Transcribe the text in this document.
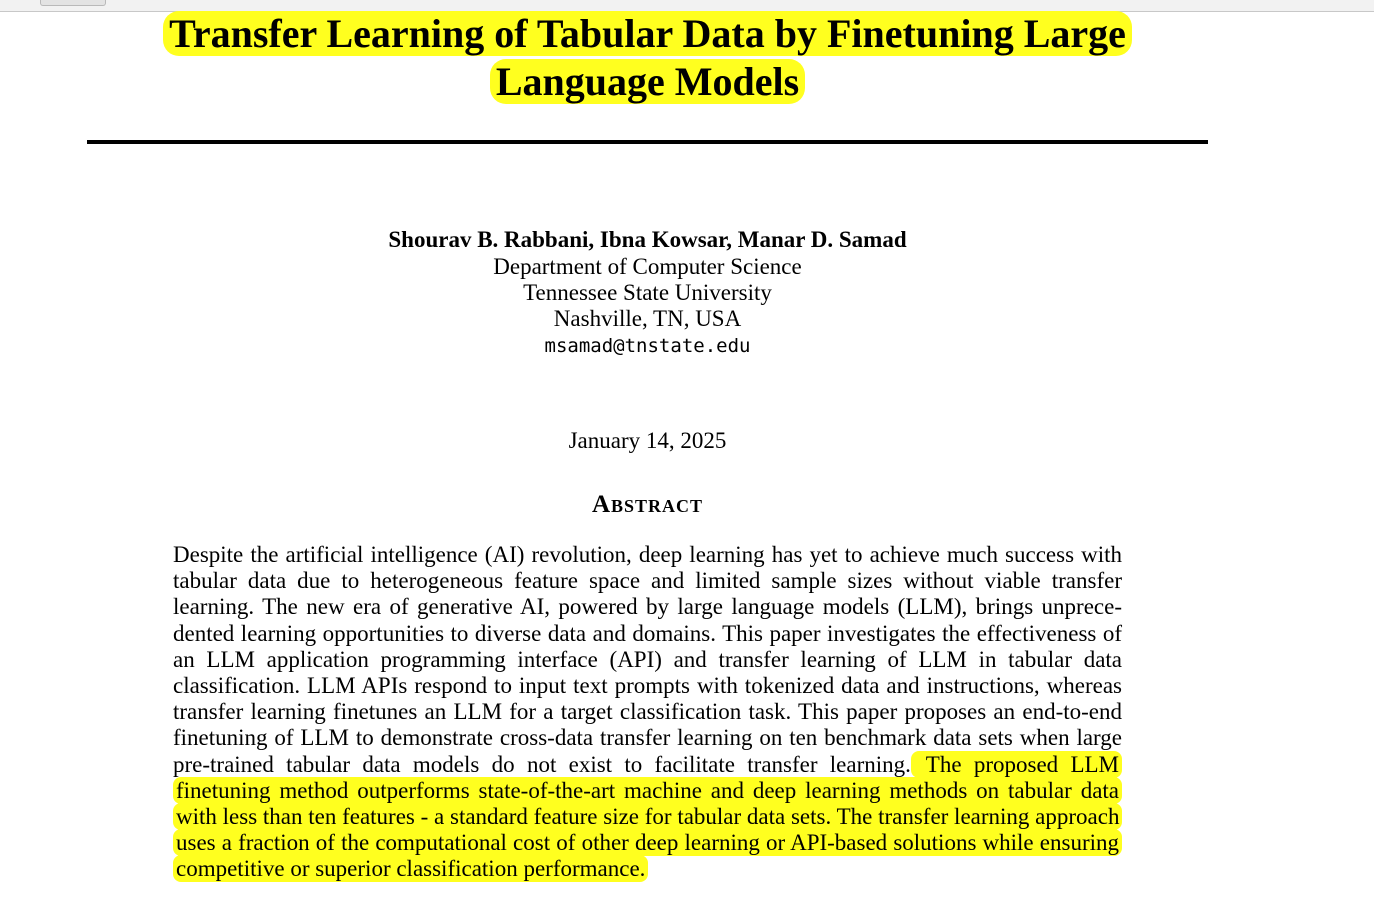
Transfer Learning of Tabular Data by Finetuning Large
Language Models
Shourav B. Rabbani, Ibna Kowsar, Manar D. Samad
Department of Computer Science
Tennessee State University
Nashville, TN, USA
msamad@tnstate.edu
January 14, 2025
Abstract

Despite the artificial intelligence (AI) revolution, deep learning has yet to achieve much success with tabular data due to heterogeneous feature space and limited sample sizes without viable transfer learning. The new era of generative AI, powered by large language models (LLM), brings unprece-dented learning opportunities to diverse data and domains. This paper investigates the effectiveness of an LLM application programming interface (API) and transfer learning of LLM in tabular data classification. LLM APIs respond to input text prompts with tokenized data and instructions, whereas transfer learning finetunes an LLM for a target classification task. This paper proposes an end-to-end finetuning of LLM to demonstrate cross-data transfer learning on ten benchmark data sets when large pre-trained tabular data models do not exist to facilitate transfer learning. The proposed LLM finetuning method outperforms state-of-the-art machine and deep learning methods on tabular data with less than ten features - a standard feature size for tabular data sets. The transfer learning approach uses a fraction of the computational cost of other deep learning or API-based solutions while ensuring competitive or superior classification performance.
